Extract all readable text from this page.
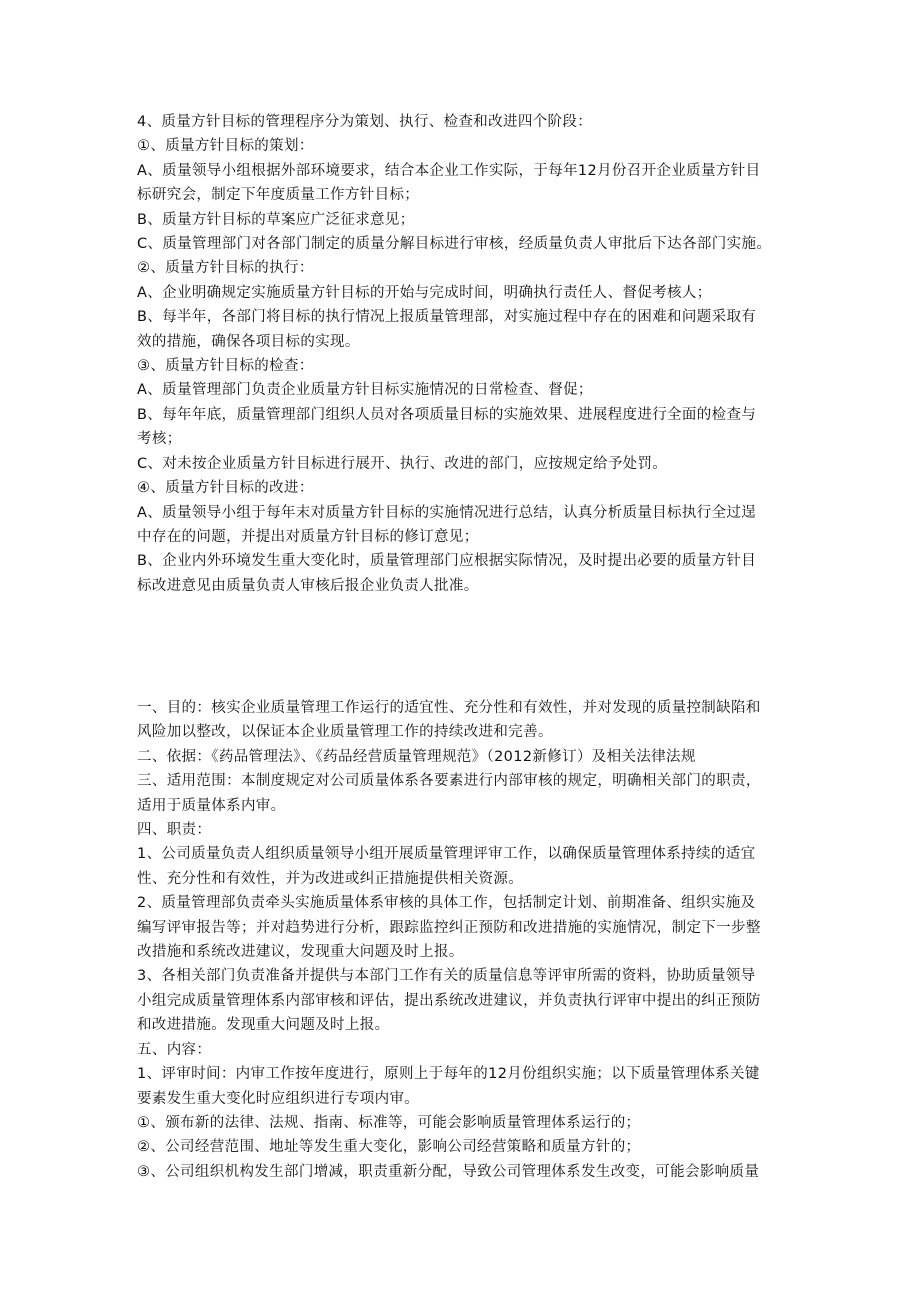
4、质量方针目标的管理程序分为策划、执行、检查和改进四个阶段：
①、质量方针目标的策划：
A、质量领导小组根据外部环境要求，结合本企业工作实际，于每年12月份召开企业质量方针目
标研究会，制定下年度质量工作方针目标；
B、质量方针目标的草案应广泛征求意见；
C、质量管理部门对各部门制定的质量分解目标进行审核，经质量负责人审批后下达各部门实施。
②、质量方针目标的执行：
A、企业明确规定实施质量方针目标的开始与完成时间，明确执行责任人、督促考核人；
B、每半年，各部门将目标的执行情况上报质量管理部，对实施过程中存在的困难和问题采取有
效的措施，确保各项目标的实现。
③、质量方针目标的检查：
A、质量管理部门负责企业质量方针目标实施情况的日常检查、督促；
B、每年年底，质量管理部门组织人员对各项质量目标的实施效果、进展程度进行全面的检查与
考核；
C、对未按企业质量方针目标进行展开、执行、改进的部门，应按规定给予处罚。
④、质量方针目标的改进：
A、质量领导小组于每年末对质量方针目标的实施情况进行总结，认真分析质量目标执行全过逞
中存在的问题，并提出对质量方针目标的修订意见；
B、企业内外环境发生重大变化时，质量管理部门应根据实际情况，及时提出必要的质量方针目
标改进意见由质量负责人审核后报企业负责人批准。
一、目的：核实企业质量管理工作运行的适宜性、充分性和有效性，并对发现的质量控制缺陷和
风险加以整改，以保证本企业质量管理工作的持续改进和完善。
二、依据：《药品管理法》、《药品经营质量管理规范》（2012新修订）及相关法律法规
三、适用范围：本制度规定对公司质量体系各要素进行内部审核的规定，明确相关部门的职责，
适用于质量体系内审。
四、职责：
1、公司质量负责人组织质量领导小组开展质量管理评审工作，以确保质量管理体系持续的适宜
性、充分性和有效性，并为改进或纠正措施提供相关资源。
2、质量管理部负责牵头实施质量体系审核的具体工作，包括制定计划、前期准备、组织实施及
编写评审报告等；并对趋势进行分析，跟踪监控纠正预防和改进措施的实施情况，制定下一步整
改措施和系统改进建议，发现重大问题及时上报。
3、各相关部门负责准备并提供与本部门工作有关的质量信息等评审所需的资料，协助质量领导
小组完成质量管理体系内部审核和评估，提出系统改进建议，并负责执行评审中提出的纠正预防
和改进措施。发现重大问题及时上报。
五、内容：
1、评审时间：内审工作按年度进行，原则上于每年的12月份组织实施；以下质量管理体系关键
要素发生重大变化时应组织进行专项内审。
①、颁布新的法律、法规、指南、标准等，可能会影响质量管理体系运行的；
②、公司经营范围、地址等发生重大变化，影响公司经营策略和质量方针的；
③、公司组织机构发生部门增减，职责重新分配，导致公司管理体系发生改变，可能会影响质量
